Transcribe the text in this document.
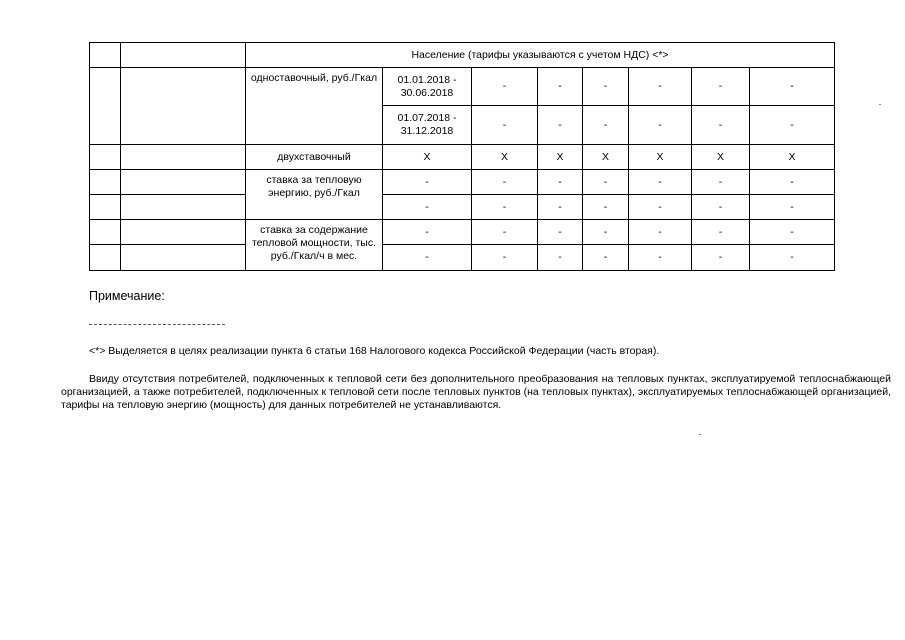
		Население (тарифы указываются с учетом НДС) <*>							
		одноставочный, руб./Гкал	01.01.2018 - 30.06.2018	-	-	-	-	-	-
			01.07.2018 - 31.12.2018	-	-	-	-	-	-
		двухставочный	X	X	X	X	X	X	X
		ставка за тепловую энергию, руб./Гкал	-	-	-	-	-	-	-
			-	-	-	-	-	-	-
		ставка за содержание тепловой мощности, тыс. руб./Гкал/ч в мес.	-	-	-	-	-	-	-
			-	-	-	-	-	-	-
Примечание:
<*> Выделяется в целях реализации пункта 6 статьи 168 Налогового кодекса Российской Федерации (часть вторая).
Ввиду отсутствия потребителей, подключенных к тепловой сети без дополнительного преобразования на тепловых пунктах, эксплуатируемой теплоснабжающей организацией, а также потребителей, подключенных к тепловой сети после тепловых пунктов (на тепловых пунктах), эксплуатируемых теплоснабжающей организацией, тарифы на тепловую энергию (мощность) для данных потребителей не устанавливаются.
